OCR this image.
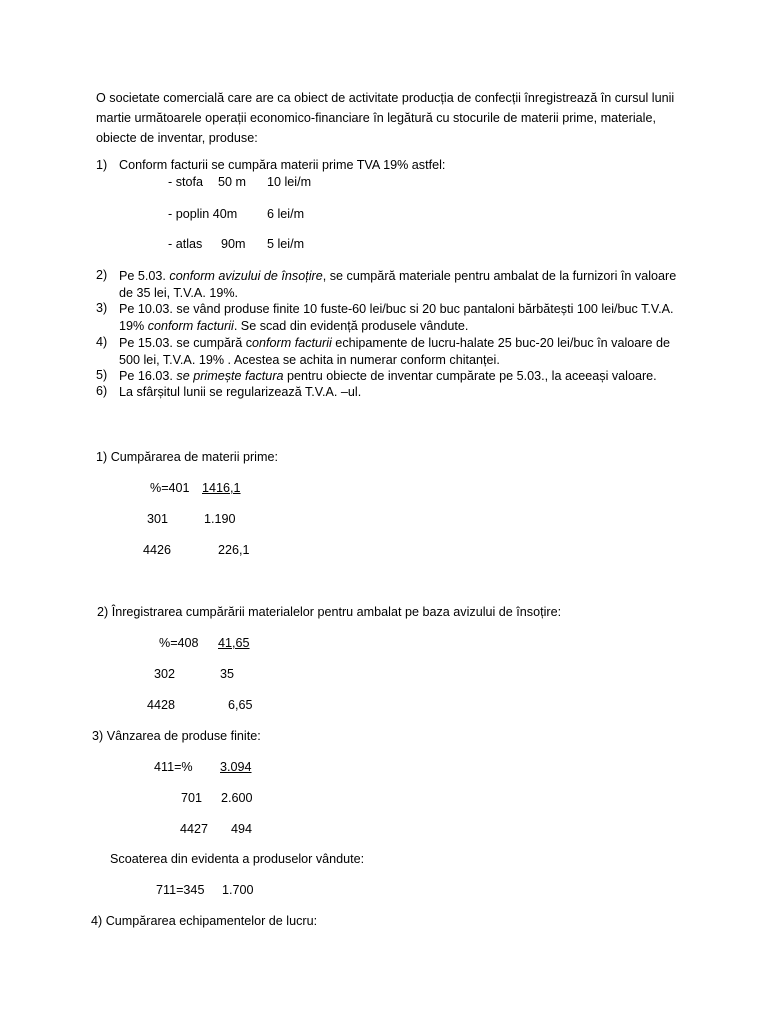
O societate comercială care are ca obiect de activitate producția de confecții înregistrează în cursul lunii martie următoarele operații economico-financiare în legătură cu stocurile de materii prime, materiale, obiecte de inventar, produse:
1) Conform facturii se cumpăra materii prime TVA 19% astfel:
- stofa 50 m 10 lei/m
- poplin 40m 6 lei/m
- atlas 90m 5 lei/m
2) Pe 5.03. conform avizului de însoțire, se cumpără materiale pentru ambalat de la furnizori în valoare de 35 lei, T.V.A. 19%.
3) Pe 10.03. se vând produse finite 10 fuste-60 lei/buc si 20 buc pantaloni bărbătești 100 lei/buc T.V.A. 19% conform facturii. Se scad din evidență produsele vândute.
4) Pe 15.03. se cumpără conform facturii echipamente de lucru-halate 25 buc-20 lei/buc în valoare de 500 lei, T.V.A. 19% . Acestea se achita in numerar conform chitanței.
5) Pe 16.03. se primește factura pentru obiecte de inventar cumpărate pe 5.03., la aceeași valoare.
6) La sfârșitul lunii se regularizează T.V.A. –ul.
1) Cumpărarea de materii prime:
%=401 1416,1
301	1.190
4426	226,1
2) Înregistrarea cumpărării materialelor pentru ambalat pe baza avizului de însoțire:
%=408 41,65
302	35
4428	6,65
3) Vânzarea de produse finite:
411=% 3.094
701 2.600
4427 494
Scoaterea din evidenta a produselor vândute:
711=345 1.700
4) Cumpărarea echipamentelor de lucru:
